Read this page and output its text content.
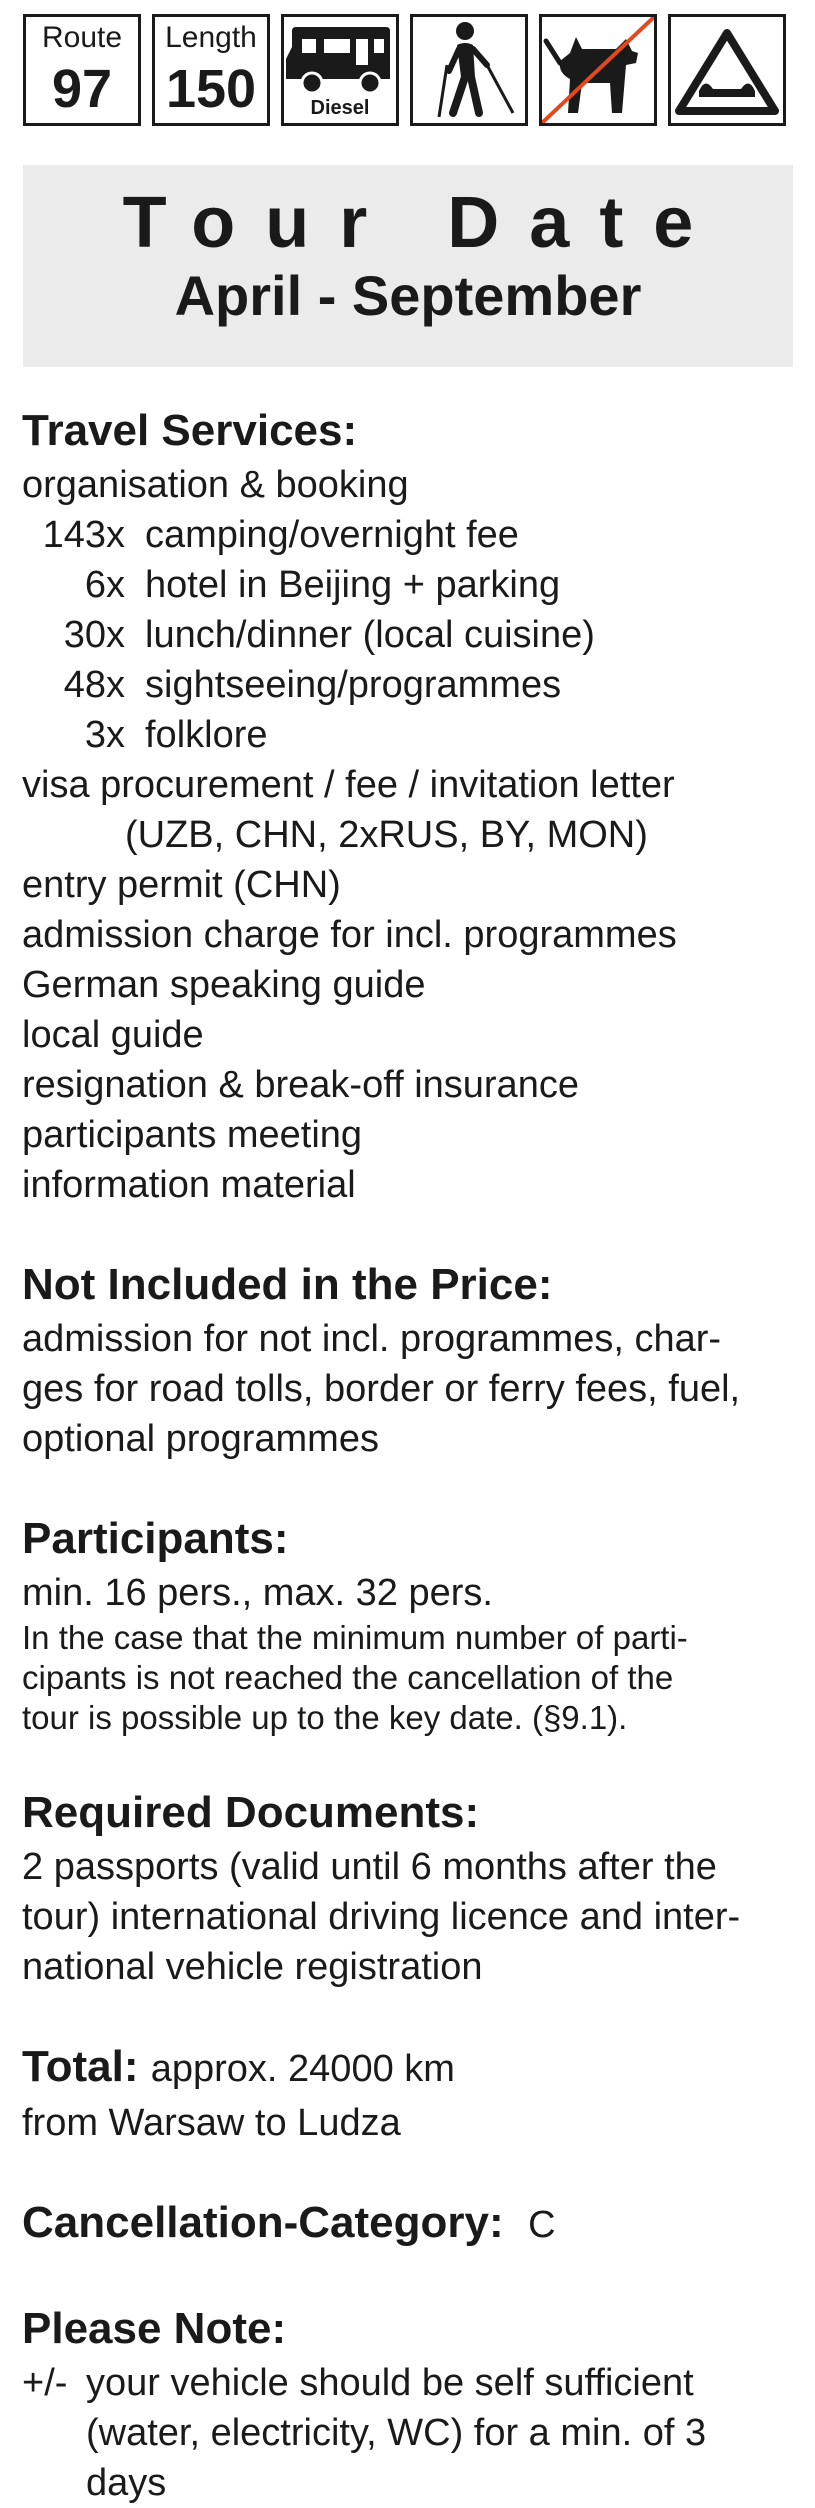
Route
97
Length
150	Diesel
Tour Date
April - September
Travel Services:
organisation & booking
143x camping/overnight fee
6x hotel in Beijing + parking
30x lunch/dinner (local cuisine)
48x sightseeing/programmes
3x folklore
visa procurement / fee / invitation letter
(UZB, CHN, 2xRUS, BY, MON)
entry permit (CHN)
admission charge for incl. programmes
German speaking guide
local guide
resignation & break-off insurance
participants meeting
information material
Not Included in the Price:
admission for not incl. programmes, char-
ges for road tolls, border or ferry fees, fuel,
optional programmes
Participants:
min. 16 pers., max. 32 pers.
In the case that the minimum number of parti-
cipants is not reached the cancellation of the
tour is possible up to the key date. (§9.1).
Required Documents:
2 passports (valid until 6 months after the
tour) international driving licence and inter-
national vehicle registration
Total: approx. 24000 km
from Warsaw to Ludza
Cancellation-Category: C
Please Note:
+/- your vehicle should be self sufficient
(water, electricity, WC) for a min. of 3
days
